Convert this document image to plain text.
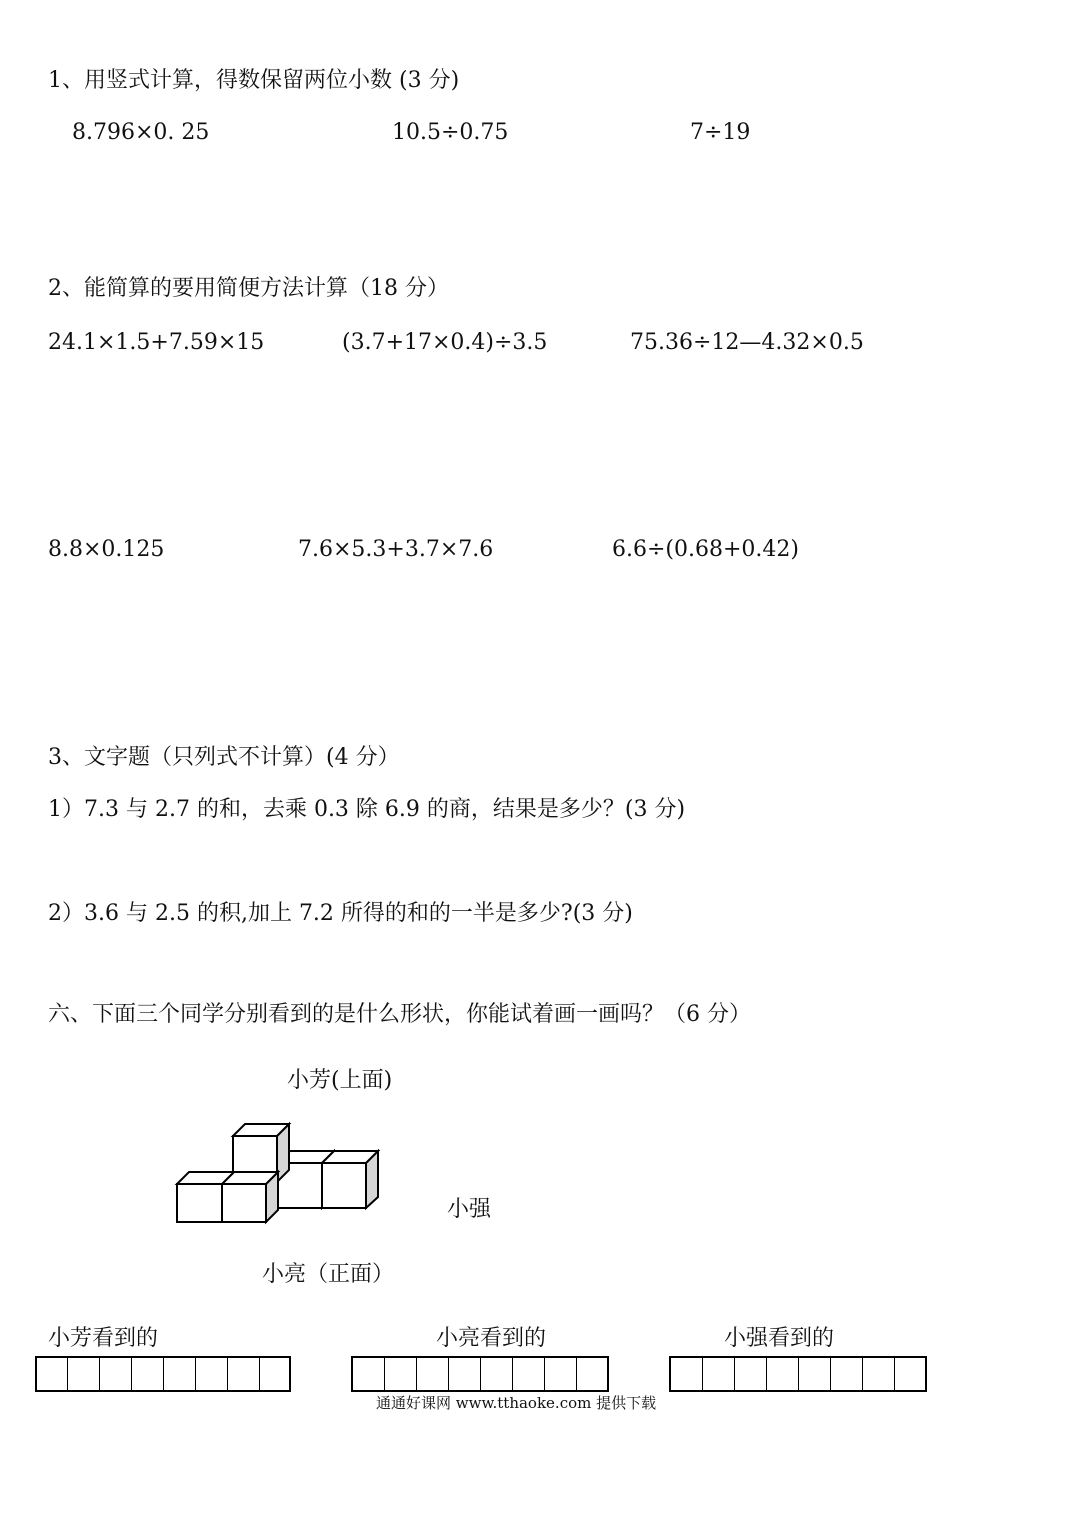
1、用竖式计算，得数保留两位小数 (3 分)
8.796×0. 25	10.5÷0.75	7÷19
2、能简算的要用简便方法计算（18 分）
24.1×1.5+7.59×15	(3.7+17×0.4)÷3.5	75.36÷12—4.32×0.5
8.8×0.125	7.6×5.3+3.7×7.6	6.6÷(0.68+0.42)
3、文字题（只列式不计算）(4 分）
1）7.3 与 2.7 的和，去乘 0.3 除 6.9 的商，结果是多少？(3 分)
2）3.6 与 2.5 的积,加上 7.2 所得的和的一半是多少?(3 分)
六、下面三个同学分别看到的是什么形状，你能试着画一画吗？（6 分）
小芳(上面)
小强
小亮（正面）
小芳看到的	小亮看到的	小强看到的
通通好课网 www.tthaoke.com 提供下载
